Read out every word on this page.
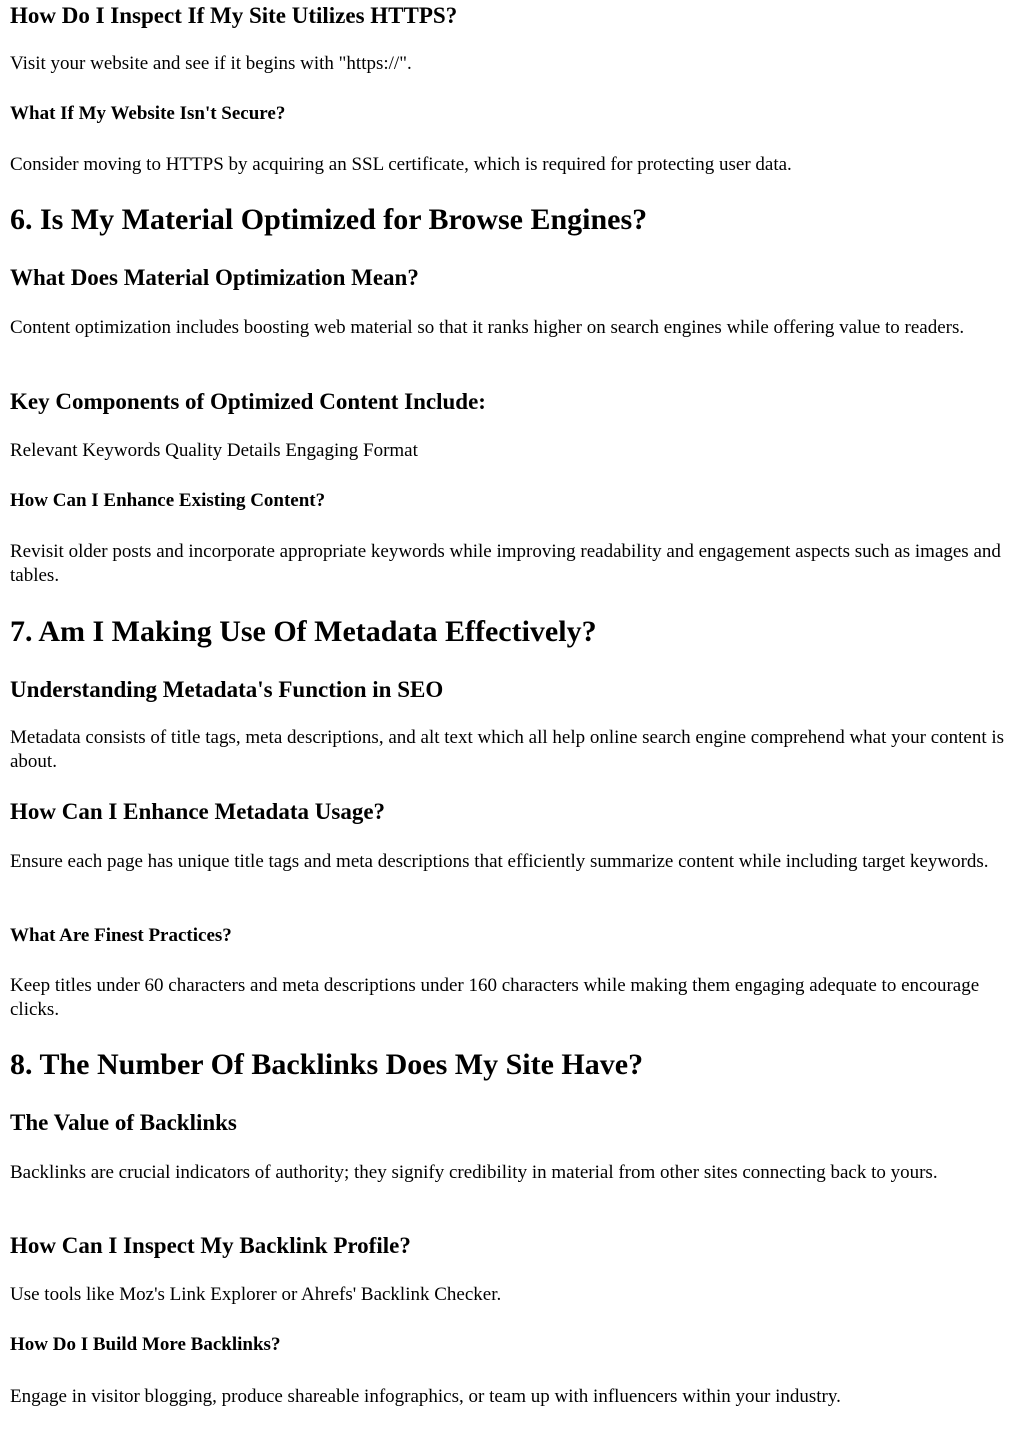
How Do I Inspect If My Site Utilizes HTTPS?
Visit your website and see if it begins with "https://".
What If My Website Isn't Secure?
Consider moving to HTTPS by acquiring an SSL certificate, which is required for protecting user data.
6. Is My Material Optimized for Browse Engines?
What Does Material Optimization Mean?
Content optimization includes boosting web material so that it ranks higher on search engines while offering value to readers.
Key Components of Optimized Content Include:
Relevant Keywords Quality Details Engaging Format
How Can I Enhance Existing Content?
Revisit older posts and incorporate appropriate keywords while improving readability and engagement aspects such as images and tables.
7. Am I Making Use Of Metadata Effectively?
Understanding Metadata's Function in SEO
Metadata consists of title tags, meta descriptions, and alt text which all help online search engine comprehend what your content is about.
How Can I Enhance Metadata Usage?
Ensure each page has unique title tags and meta descriptions that efficiently summarize content while including target keywords.
What Are Finest Practices?
Keep titles under 60 characters and meta descriptions under 160 characters while making them engaging adequate to encourage clicks.
8. The Number Of Backlinks Does My Site Have?
The Value of Backlinks
Backlinks are crucial indicators of authority; they signify credibility in material from other sites connecting back to yours.
How Can I Inspect My Backlink Profile?
Use tools like Moz's Link Explorer or Ahrefs' Backlink Checker.
How Do I Build More Backlinks?
Engage in visitor blogging, produce shareable infographics, or team up with influencers within your industry.
